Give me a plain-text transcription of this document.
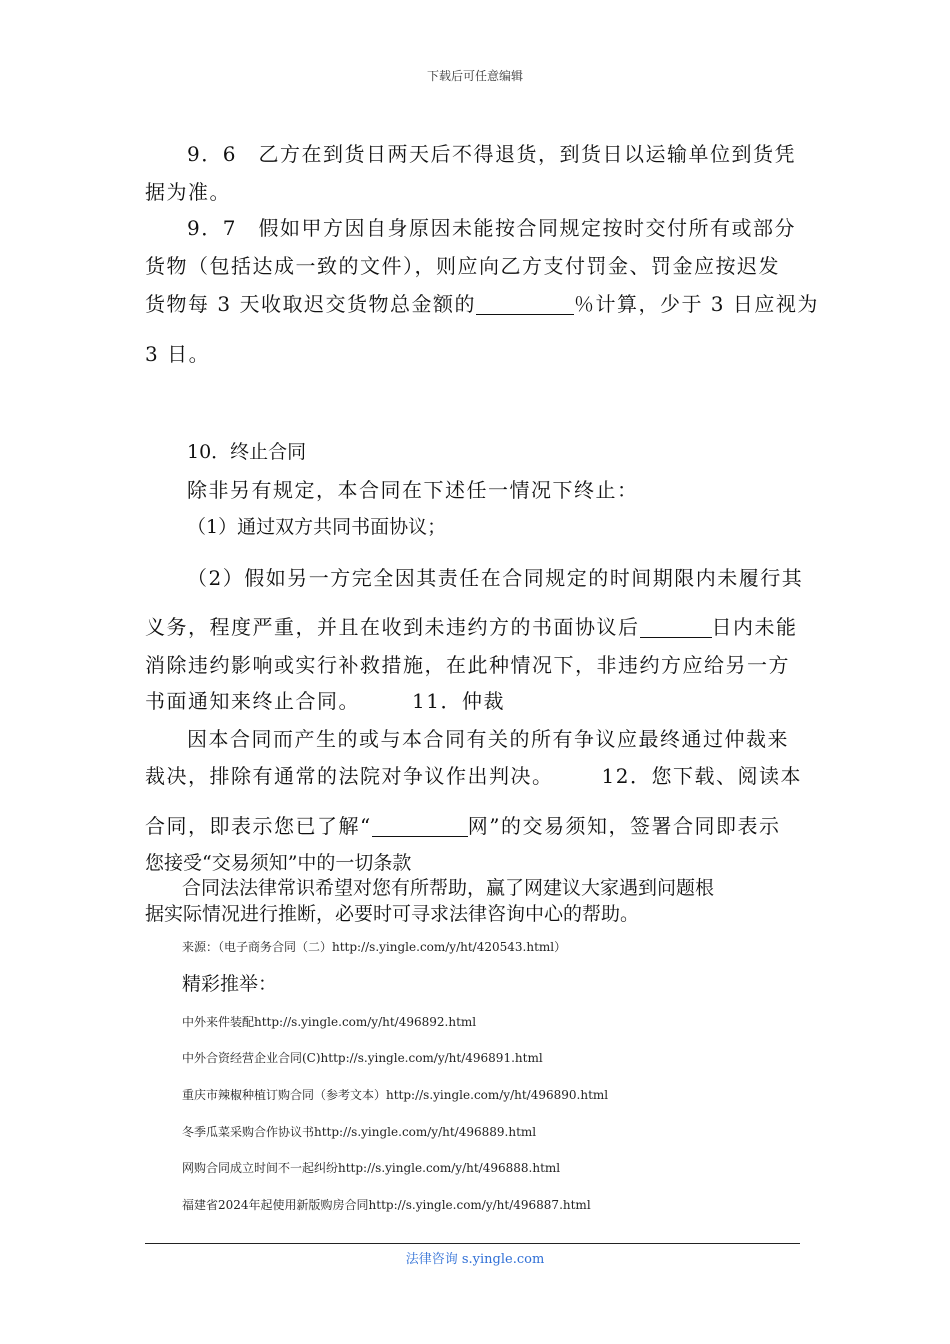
下载后可任意编辑
9．6　乙方在到货日两天后不得退货，到货日以运输单位到货凭
据为准。
9．7　假如甲方因自身原因未能按合同规定按时交付所有或部分
货物（包括达成一致的文件），则应向乙方支付罚金、罚金应按迟发
货物每 3 天收取迟交货物总金额的	％计算，少于 3 日应视为
3 日。
10．终止合同
除非另有规定，本合同在下述任一情况下终止：
（1）通过双方共同书面协议；
（2）假如另一方完全因其责任在合同规定的时间期限内未履行其
义务，程度严重，并且在收到未违约方的书面协议后	日内未能
消除违约影响或实行补救措施，在此种情况下，非违约方应给另一方
书面通知来终止合同。	11．仲裁
因本合同而产生的或与本合同有关的所有争议应最终通过仲裁来
裁决，排除有通常的法院对争议作出判决。 12．您下载、阅读本
合同，即表示您已了解“	网”的交易须知，签署合同即表示
您接受“交易须知”中的一切条款
合同法法律常识希望对您有所帮助，赢了网建议大家遇到问题根
据实际情况进行推断，必要时可寻求法律咨询中心的帮助。
来源：（电子商务合同（二）http://s.yingle.com/y/ht/420543.html）
精彩推举：
中外来件装配http://s.yingle.com/y/ht/496892.html
中外合资经营企业合同(C)http://s.yingle.com/y/ht/496891.html
重庆市辣椒种植订购合同（参考文本）http://s.yingle.com/y/ht/496890.html
冬季瓜菜采购合作协议书http://s.yingle.com/y/ht/496889.html
网购合同成立时间不一起纠纷http://s.yingle.com/y/ht/496888.html
福建省2024年起使用新版购房合同http://s.yingle.com/y/ht/496887.html
法律咨询 s.yingle.com
